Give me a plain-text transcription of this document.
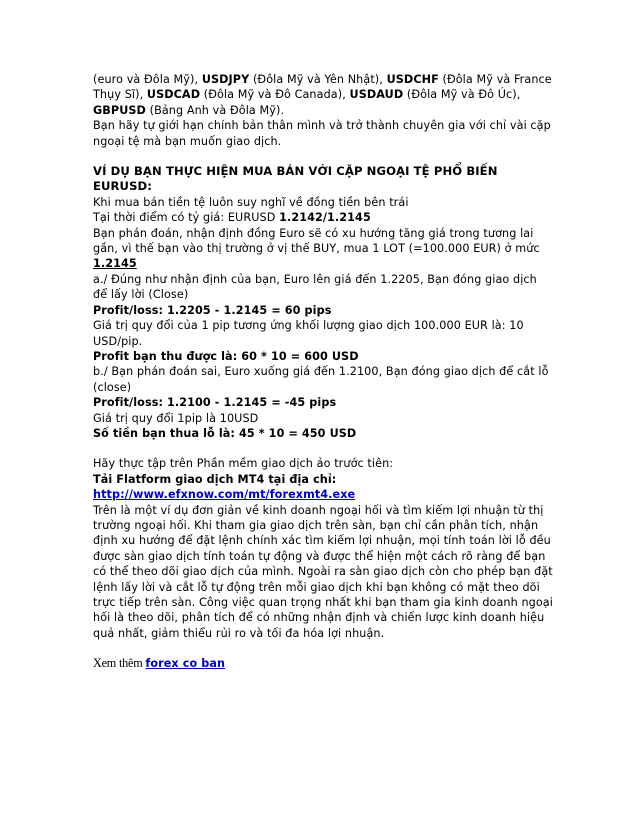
(euro và Đôla Mỹ), USDJPY (Đôla Mỹ và Yên Nhật), USDCHF (Đôla Mỹ và France Thụy Sĩ), USDCAD (Đôla Mỹ và Đô Canada), USDAUD (Đôla Mỹ và Đô Úc), GBPUSD (Bảng Anh và Đôla Mỹ).

Bạn hãy tự giới hạn chính bản thân mình và trở thành chuyên gia với chỉ vài cặp ngoại tệ mà bạn muốn giao dịch.

VÍ DỤ BẠN THỰC HIỆN MUA BÁN VỚI CẶP NGOẠI TỆ PHỔ BIẾN EURUSD:

Khi mua bán tiền tệ luôn suy nghĩ về đồng tiền bên trái

Tại thời điểm có tỷ giá: EURUSD 1.2142/1.2145

Bạn phán đoán, nhận định đồng Euro sẽ có xu hướng tăng giá trong tương lai gần, vì thế bạn vào thị trường ở vị thế BUY, mua 1 LOT (=100.000 EUR) ở mức 1.2145

a./ Đúng như nhận định của bạn, Euro lên giá đến 1.2205, Bạn đóng giao dịch để lấy lời (Close)

Profit/loss: 1.2205 - 1.2145 = 60 pips

Giá trị quy đổi của 1 pip tương ứng khối lượng giao dịch 100.000 EUR là: 10 USD/pip.

Profit bạn thu được là: 60 * 10 = 600 USD

b./ Bạn phán đoán sai, Euro xuống giá đến 1.2100, Bạn đóng giao dịch để cắt lỗ (close)

Profit/loss: 1.2100 - 1.2145 = -45 pips

Giá trị quy đổi 1pip là 10USD

Số tiền bạn thua lỗ là: 45 * 10 = 450 USD

Hãy thực tập trên Phần mềm giao dịch ảo trước tiên:

Tải Flatform giao dịch MT4 tại địa chỉ: http://www.efxnow.com/mt/forexmt4.exe

Trên là một ví dụ đơn giản về kinh doanh ngoại hối và tìm kiếm lợi nhuận từ thị trường ngoại hối. Khi tham gia giao dịch trên sàn, bạn chỉ cần phân tích, nhận định xu hướng để đặt lệnh chính xác tìm kiếm lợi nhuận, mọi tính toán lời lỗ đều được sàn giao dịch tính toán tự động và được thể hiện một cách rõ ràng để bạn có thể theo dõi giao dịch của mình. Ngoài ra sàn giao dịch còn cho phép bạn đặt lệnh lấy lời và cắt lỗ tự động trên mỗi giao dịch khi bạn không có mặt theo dõi trực tiếp trên sàn. Công việc quan trọng nhất khi bạn tham gia kinh doanh ngoại hối là theo dõi, phân tích để có những nhận định và chiến lược kinh doanh hiệu quả nhất, giảm thiểu rủi ro và tối đa hóa lợi nhuận.

Xem thêm forex co ban
